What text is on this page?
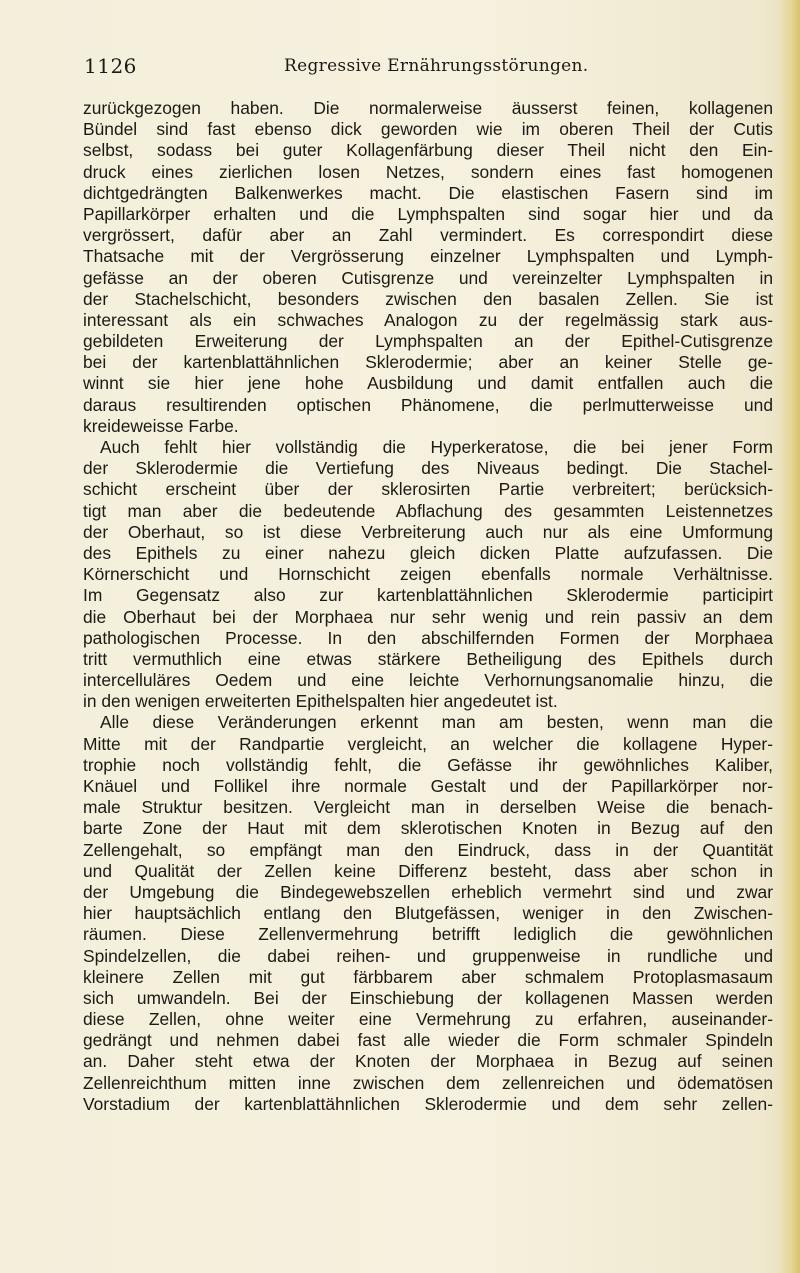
1126	Regressive Ernährungsstörungen.
zurückgezogen haben. Die normalerweise äusserst feinen, kollagenen
Bündel sind fast ebenso dick geworden wie im oberen Theil der Cutis
selbst, sodass bei guter Kollagenfärbung dieser Theil nicht den Ein-
druck eines zierlichen losen Netzes, sondern eines fast homogenen
dichtgedrängten Balkenwerkes macht. Die elastischen Fasern sind im
Papillarkörper erhalten und die Lymphspalten sind sogar hier und da
vergrössert, dafür aber an Zahl vermindert. Es correspondirt diese
Thatsache mit der Vergrösserung einzelner Lymphspalten und Lymph-
gefässe an der oberen Cutisgrenze und vereinzelter Lymphspalten in
der Stachelschicht, besonders zwischen den basalen Zellen. Sie ist
interessant als ein schwaches Analogon zu der regelmässig stark aus-
gebildeten Erweiterung der Lymphspalten an der Epithel-Cutisgrenze
bei der kartenblattähnlichen Sklerodermie; aber an keiner Stelle ge-
winnt sie hier jene hohe Ausbildung und damit entfallen auch die
daraus resultirenden optischen Phänomene, die perlmutterweisse und
kreideweisse Farbe.
Auch fehlt hier vollständig die Hyperkeratose, die bei jener Form
der Sklerodermie die Vertiefung des Niveaus bedingt. Die Stachel-
schicht erscheint über der sklerosirten Partie verbreitert; berücksich-
tigt man aber die bedeutende Abflachung des gesammten Leistennetzes
der Oberhaut, so ist diese Verbreiterung auch nur als eine Umformung
des Epithels zu einer nahezu gleich dicken Platte aufzufassen. Die
Körnerschicht und Hornschicht zeigen ebenfalls normale Verhältnisse.
Im Gegensatz also zur kartenblattähnlichen Sklerodermie participirt
die Oberhaut bei der Morphaea nur sehr wenig und rein passiv an dem
pathologischen Processe. In den abschilfernden Formen der Morphaea
tritt vermuthlich eine etwas stärkere Betheiligung des Epithels durch
intercelluläres Oedem und eine leichte Verhornungsanomalie hinzu, die
in den wenigen erweiterten Epithelspalten hier angedeutet ist.
Alle diese Veränderungen erkennt man am besten, wenn man die
Mitte mit der Randpartie vergleicht, an welcher die kollagene Hyper-
trophie noch vollständig fehlt, die Gefässe ihr gewöhnliches Kaliber,
Knäuel und Follikel ihre normale Gestalt und der Papillarkörper nor-
male Struktur besitzen. Vergleicht man in derselben Weise die benach-
barte Zone der Haut mit dem sklerotischen Knoten in Bezug auf den
Zellengehalt, so empfängt man den Eindruck, dass in der Quantität
und Qualität der Zellen keine Differenz besteht, dass aber schon in
der Umgebung die Bindegewebszellen erheblich vermehrt sind und zwar
hier hauptsächlich entlang den Blutgefässen, weniger in den Zwischen-
räumen. Diese Zellenvermehrung betrifft lediglich die gewöhnlichen
Spindelzellen, die dabei reihen- und gruppenweise in rundliche und
kleinere Zellen mit gut färbbarem aber schmalem Protoplasmasaum
sich umwandeln. Bei der Einschiebung der kollagenen Massen werden
diese Zellen, ohne weiter eine Vermehrung zu erfahren, auseinander-
gedrängt und nehmen dabei fast alle wieder die Form schmaler Spindeln
an. Daher steht etwa der Knoten der Morphaea in Bezug auf seinen
Zellenreichthum mitten inne zwischen dem zellenreichen und ödematösen
Vorstadium der kartenblattähnlichen Sklerodermie und dem sehr zellen-
